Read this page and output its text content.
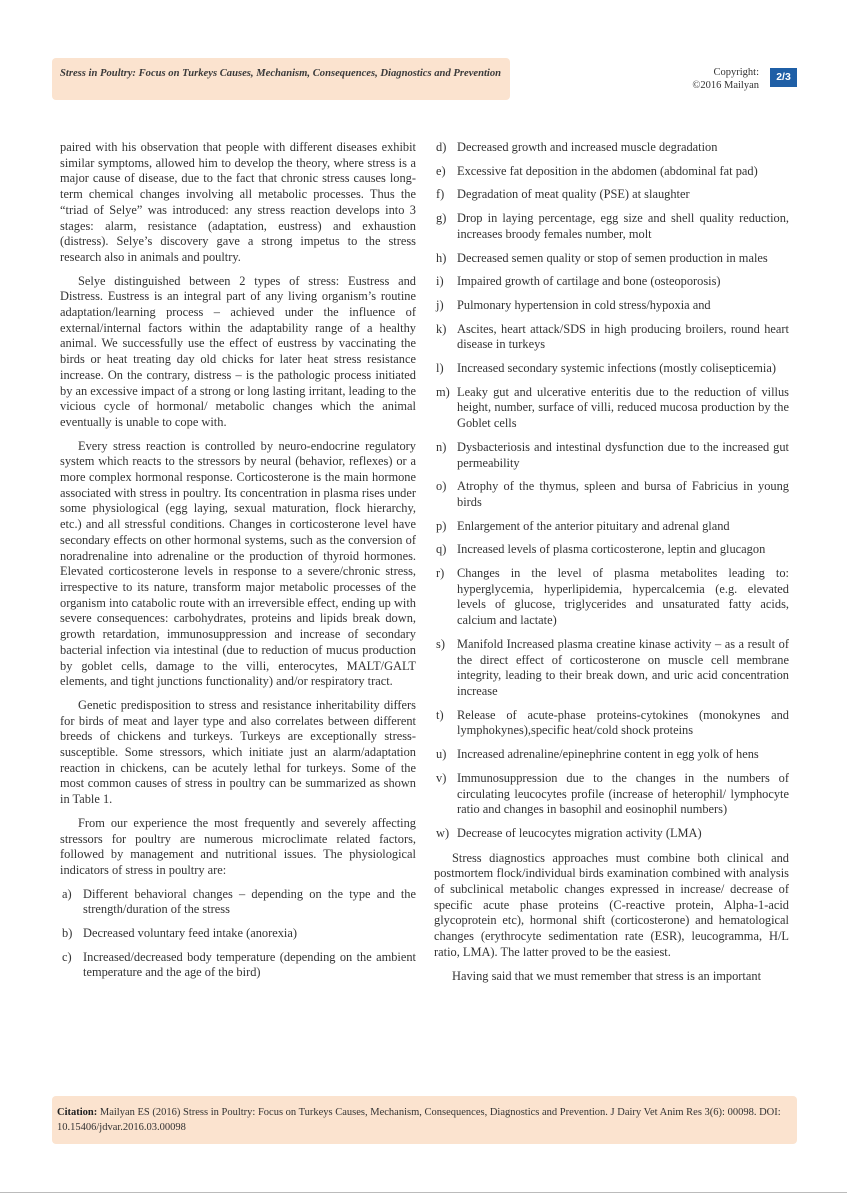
Stress in Poultry: Focus on Turkeys Causes, Mechanism, Consequences, Diagnostics and Prevention	Copyright:
©2016 Mailyan
2/3

paired with his observation that people with different diseases exhibit similar symptoms, allowed him to develop the theory, where stress is a major cause of disease, due to the fact that chronic stress causes long-term chemical changes involving all metabolic processes. Thus the “triad of Selye” was introduced: any stress reaction develops into 3 stages: alarm, resistance (adaptation, eustress) and exhaustion (distress). Selye’s discovery gave a strong impetus to the stress research also in animals and poultry.

Selye distinguished between 2 types of stress: Eustress and Distress. Eustress is an integral part of any living organism’s routine adaptation/learning process – achieved under the influence of external/internal factors within the adaptability range of a healthy animal. We successfully use the effect of eustress by vaccinating the birds or heat treating day old chicks for later heat stress resistance increase. On the contrary, distress – is the pathologic process initiated by an excessive impact of a strong or long lasting irritant, leading to the vicious cycle of hormonal/ metabolic changes which the animal eventually is unable to cope with.

Every stress reaction is controlled by neuro-endocrine regulatory system which reacts to the stressors by neural (behavior, reflexes) or a more complex hormonal response. Corticosterone is the main hormone associated with stress in poultry. Its concentration in plasma rises under some physiological (egg laying, sexual maturation, flock hierarchy, etc.) and all stressful conditions. Changes in corticosterone level have secondary effects on other hormonal systems, such as the conversion of noradrenaline into adrenaline or the production of thyroid hormones. Elevated corticosterone levels in response to a severe/chronic stress, irrespective to its nature, transform major metabolic processes of the organism into catabolic route with an irreversible effect, ending up with severe consequences: carbohydrates, proteins and lipids break down, growth retardation, immunosuppression and increase of secondary bacterial infection via intestinal (due to reduction of mucus production by goblet cells, damage to the villi, enterocytes, MALT/GALT elements, and tight junctions functionality) and/or respiratory tract.

Genetic predisposition to stress and resistance inheritability differs for birds of meat and layer type and also correlates between different breeds of chickens and turkeys. Turkeys are exceptionally stress-susceptible. Some stressors, which initiate just an alarm/adaptation reaction in chickens, can be acutely lethal for turkeys. Some of the most common causes of stress in poultry can be summarized as shown in Table 1.

From our experience the most frequently and severely affecting stressors for poultry are numerous microclimate related factors, followed by management and nutritional issues. The physiological indicators of stress in poultry are:

a) Different behavioral changes – depending on the type and the strength/duration of the stress
b) Decreased voluntary feed intake (anorexia)
c) Increased/decreased body temperature (depending on the ambient temperature and the age of the bird)
d) Decreased growth and increased muscle degradation
e) Excessive fat deposition in the abdomen (abdominal fat pad)
f) Degradation of meat quality (PSE) at slaughter
g) Drop in laying percentage, egg size and shell quality reduction, increases broody females number, molt
h) Decreased semen quality or stop of semen production in males
i) Impaired growth of cartilage and bone (osteoporosis)
j) Pulmonary hypertension in cold stress/hypoxia and
k) Ascites, heart attack/SDS in high producing broilers, round heart disease in turkeys
l) Increased secondary systemic infections (mostly colisepticemia)
m) Leaky gut and ulcerative enteritis due to the reduction of villus height, number, surface of villi, reduced mucosa production by the Goblet cells
n) Dysbacteriosis and intestinal dysfunction due to the increased gut permeability
o) Atrophy of the thymus, spleen and bursa of Fabricius in young birds
p) Enlargement of the anterior pituitary and adrenal gland
q) Increased levels of plasma corticosterone, leptin and glucagon
r) Changes in the level of plasma metabolites leading to: hyperglycemia, hyperlipidemia, hypercalcemia (e.g. elevated levels of glucose, triglycerides and unsaturated fatty acids, calcium and lactate)
s) Manifold Increased plasma creatine kinase activity – as a result of the direct effect of corticosterone on muscle cell membrane integrity, leading to their break down, and uric acid concentration increase
t) Release of acute-phase proteins-cytokines (monokynes and lymphokynes),specific heat/cold shock proteins
u) Increased adrenaline/epinephrine content in egg yolk of hens
v) Immunosuppression due to the changes in the numbers of circulating leucocytes profile (increase of heterophil/ lymphocyte ratio and changes in basophil and eosinophil numbers)
w) Decrease of leucocytes migration activity (LMA)

Stress diagnostics approaches must combine both clinical and postmortem flock/individual birds examination combined with analysis of subclinical metabolic changes expressed in increase/ decrease of specific acute phase proteins (C-reactive protein, Alpha-1-acid glycoprotein etc), hormonal shift (corticosterone) and hematological changes (erythrocyte sedimentation rate (ESR), leucogramma, H/L ratio, LMA). The latter proved to be the easiest.

Having said that we must remember that stress is an important

Citation: Mailyan ES (2016) Stress in Poultry: Focus on Turkeys Causes, Mechanism, Consequences, Diagnostics and Prevention. J Dairy Vet Anim Res 3(6): 00098. DOI: 10.15406/jdvar.2016.03.00098
